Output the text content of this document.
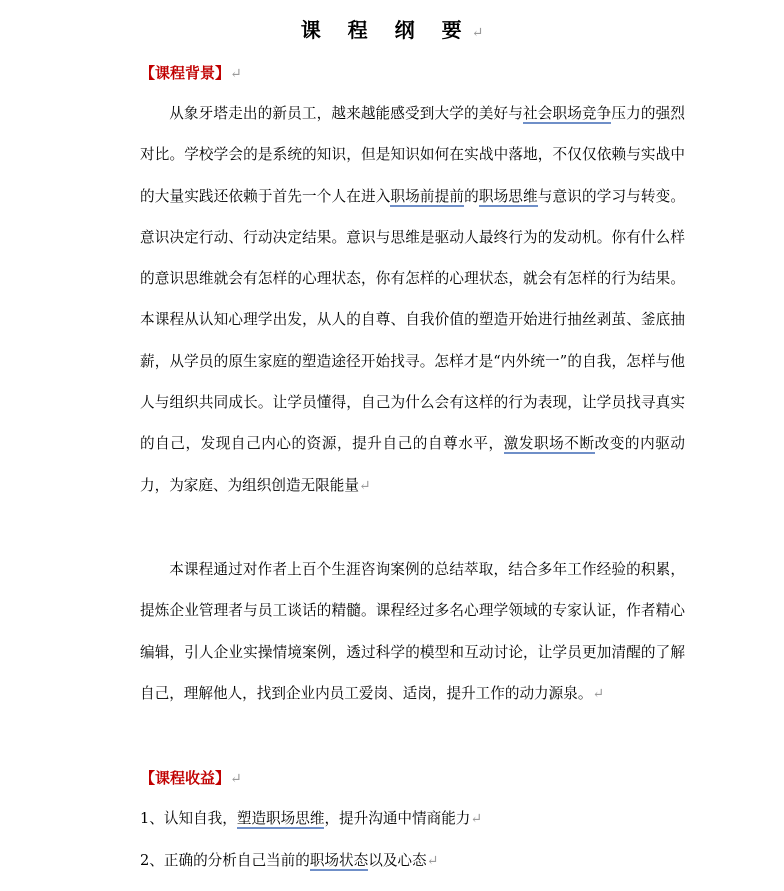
课 程 纲 要↵
【课程背景】↵
从象牙塔走出的新员工，越来越能感受到大学的美好与社会职场竞争压力的强烈对比。学校学会的是系统的知识，但是知识如何在实战中落地，不仅仅依赖与实战中的大量实践还依赖于首先一个人在进入职场前提前的职场思维与意识的学习与转变。意识决定行动、行动决定结果。意识与思维是驱动人最终行为的发动机。你有什么样的意识思维就会有怎样的心理状态，你有怎样的心理状态，就会有怎样的行为结果。本课程从认知心理学出发，从人的自尊、自我价值的塑造开始进行抽丝剥茧、釜底抽薪，从学员的原生家庭的塑造途径开始找寻。怎样才是“内外统一”的自我，怎样与他人与组织共同成长。让学员懂得，自己为什么会有这样的行为表现，让学员找寻真实的自己，发现自己内心的资源，提升自己的自尊水平，激发职场不断改变的内驱动力，为家庭、为组织创造无限能量↵
本课程通过对作者上百个生涯咨询案例的总结萃取，结合多年工作经验的积累，提炼企业管理者与员工谈话的精髓。课程经过多名心理学领域的专家认证，作者精心编辑，引人企业实操情境案例，透过科学的模型和互动讨论，让学员更加清醒的了解自己，理解他人，找到企业内员工爱岗、适岗，提升工作的动力源泉。↵
【课程收益】↵
1、认知自我，塑造职场思维，提升沟通中情商能力↵
2、正确的分析自己当前的职场状态以及心态↵
